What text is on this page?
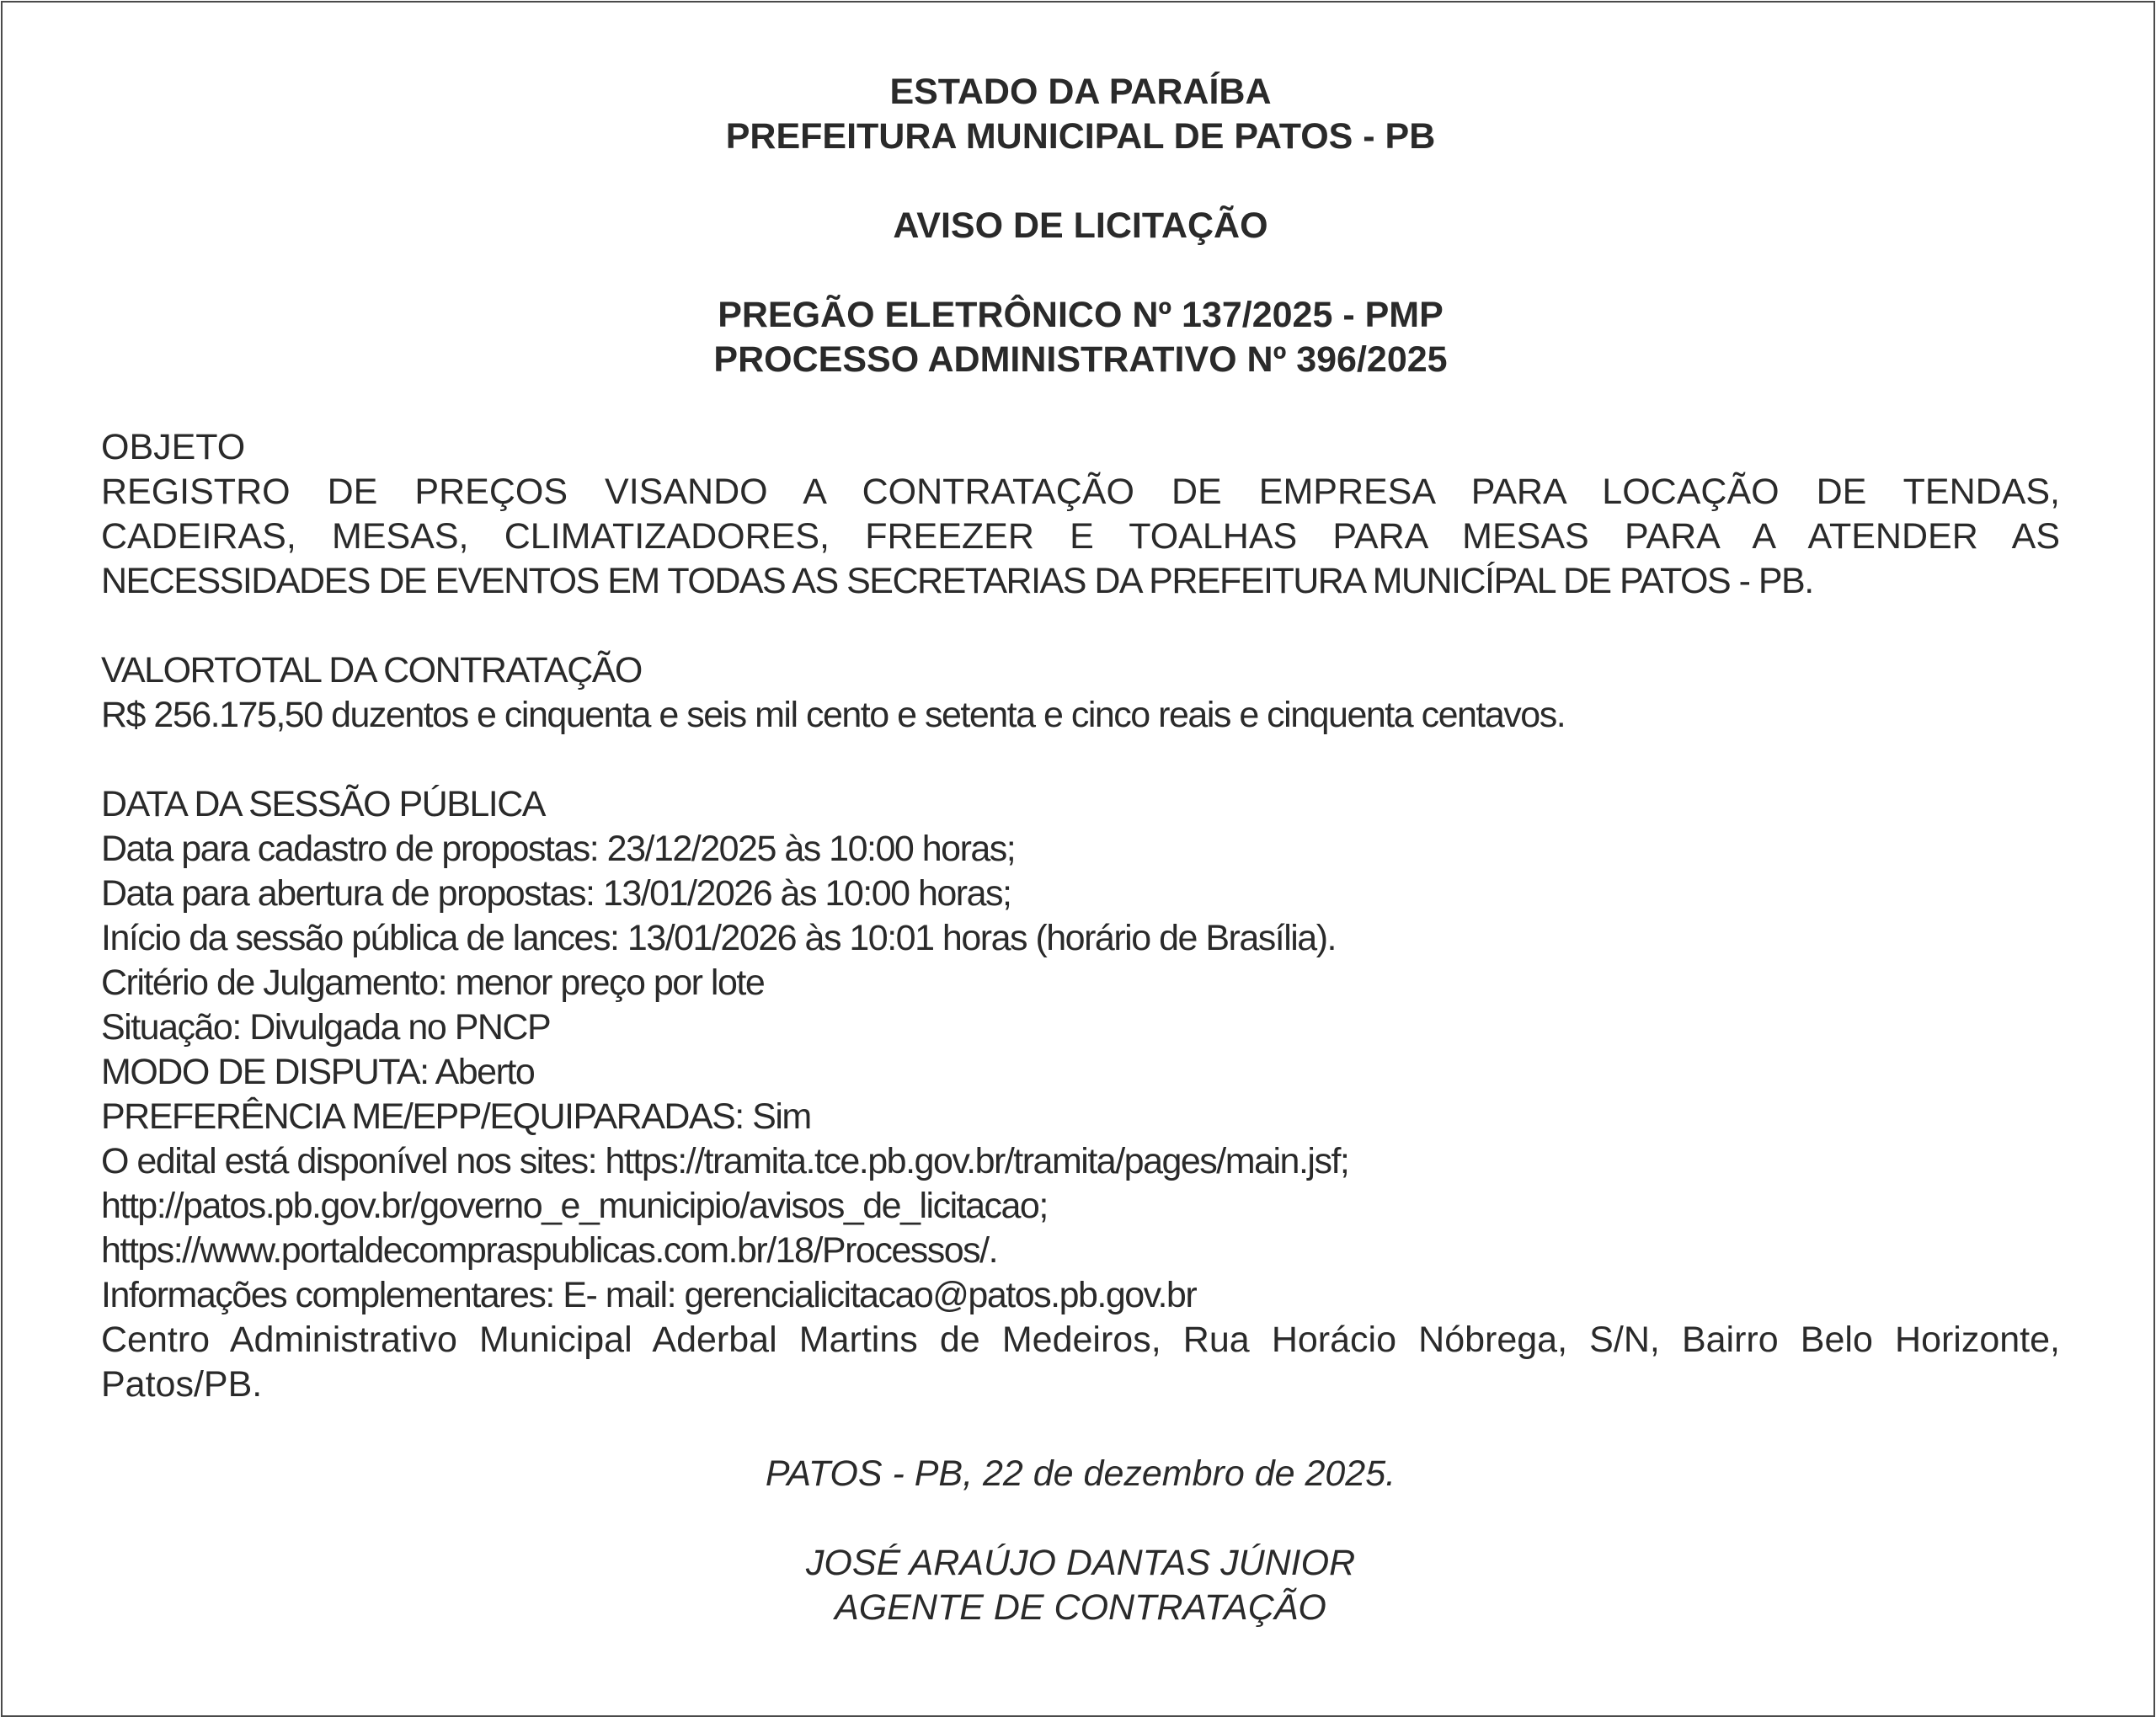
ESTADO DA PARAÍBA
PREFEITURA MUNICIPAL DE PATOS - PB
AVISO DE LICITAÇÃO
PREGÃO ELETRÔNICO Nº 137/2025 - PMP
PROCESSO ADMINISTRATIVO Nº 396/2025
OBJETO
REGISTRO DE PREÇOS VISANDO A CONTRATAÇÃO DE EMPRESA PARA LOCAÇÃO DE TENDAS,
CADEIRAS, MESAS, CLIMATIZADORES, FREEZER E TOALHAS PARA MESAS PARA A ATENDER AS
NECESSIDADES DE EVENTOS EM TODAS AS SECRETARIAS DA PREFEITURA MUNICÍPAL DE PATOS - PB.
VALORTOTAL DA CONTRATAÇÃO
R$ 256.175,50 duzentos e cinquenta e seis mil cento e setenta e cinco reais e cinquenta centavos.
DATA DA SESSÃO PÚBLICA
Data para cadastro de propostas: 23/12/2025 às 10:00 horas;
Data para abertura de propostas: 13/01/2026 às 10:00 horas;
Início da sessão pública de lances: 13/01/2026 às 10:01 horas (horário de Brasília).
Critério de Julgamento: menor preço por lote
Situação: Divulgada no PNCP
MODO DE DISPUTA: Aberto
PREFERÊNCIA ME/EPP/EQUIPARADAS: Sim
O edital está disponível nos sites: https://tramita.tce.pb.gov.br/tramita/pages/main.jsf;
http://patos.pb.gov.br/governo_e_municipio/avisos_de_licitacao;
https://www.portaldecompraspublicas.com.br/18/Processos/.
Informações complementares: E- mail: gerencialicitacao@patos.pb.gov.br
Centro Administrativo Municipal Aderbal Martins de Medeiros, Rua Horácio Nóbrega, S/N, Bairro Belo Horizonte,
Patos/PB.
PATOS - PB, 22 de dezembro de 2025.
JOSÉ ARAÚJO DANTAS JÚNIOR
AGENTE DE CONTRATAÇÃO
